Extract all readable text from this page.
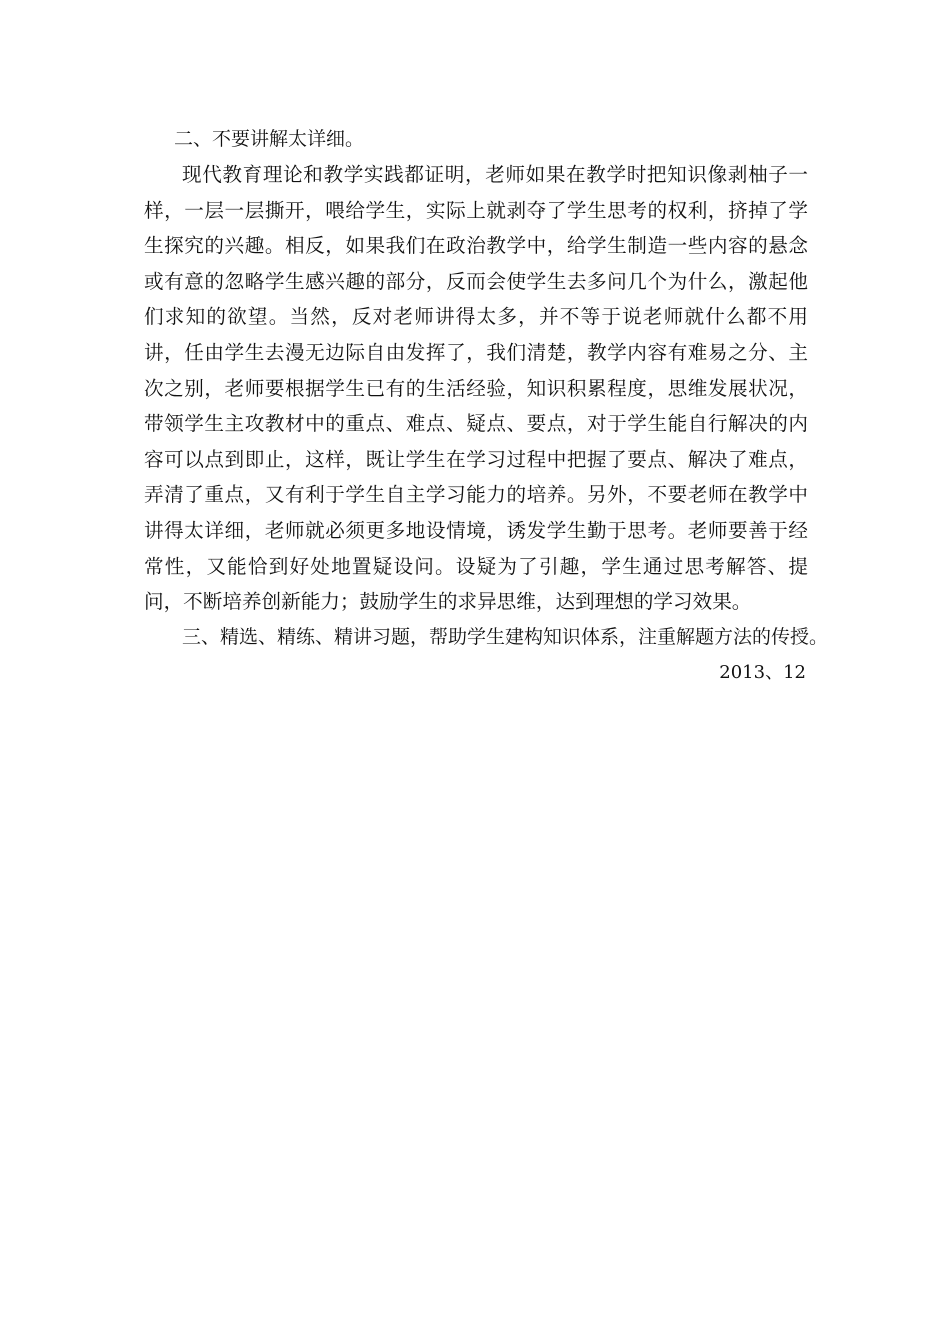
二、不要讲解太详细。

现代教育理论和教学实践都证明，老师如果在教学时把知识像剥柚子一样，一层一层撕开，喂给学生，实际上就剥夺了学生思考的权利，挤掉了学生探究的兴趣。相反，如果我们在政治教学中，给学生制造一些内容的悬念或有意的忽略学生感兴趣的部分，反而会使学生去多问几个为什么，激起他们求知的欲望。当然，反对老师讲得太多，并不等于说老师就什么都不用讲，任由学生去漫无边际自由发挥了，我们清楚，教学内容有难易之分、主次之别，老师要根据学生已有的生活经验，知识积累程度，思维发展状况，带领学生主攻教材中的重点、难点、疑点、要点，对于学生能自行解决的内容可以点到即止，这样，既让学生在学习过程中把握了要点、解决了难点，弄清了重点，又有利于学生自主学习能力的培养。另外，不要老师在教学中讲得太详细，老师就必须更多地设情境，诱发学生勤于思考。老师要善于经常性，又能恰到好处地置疑设问。设疑为了引趣，学生通过思考解答、提问，不断培养创新能力；鼓励学生的求异思维，达到理想的学习效果。

三、精选、精练、精讲习题，帮助学生建构知识体系，注重解题方法的传授。

2013、12
